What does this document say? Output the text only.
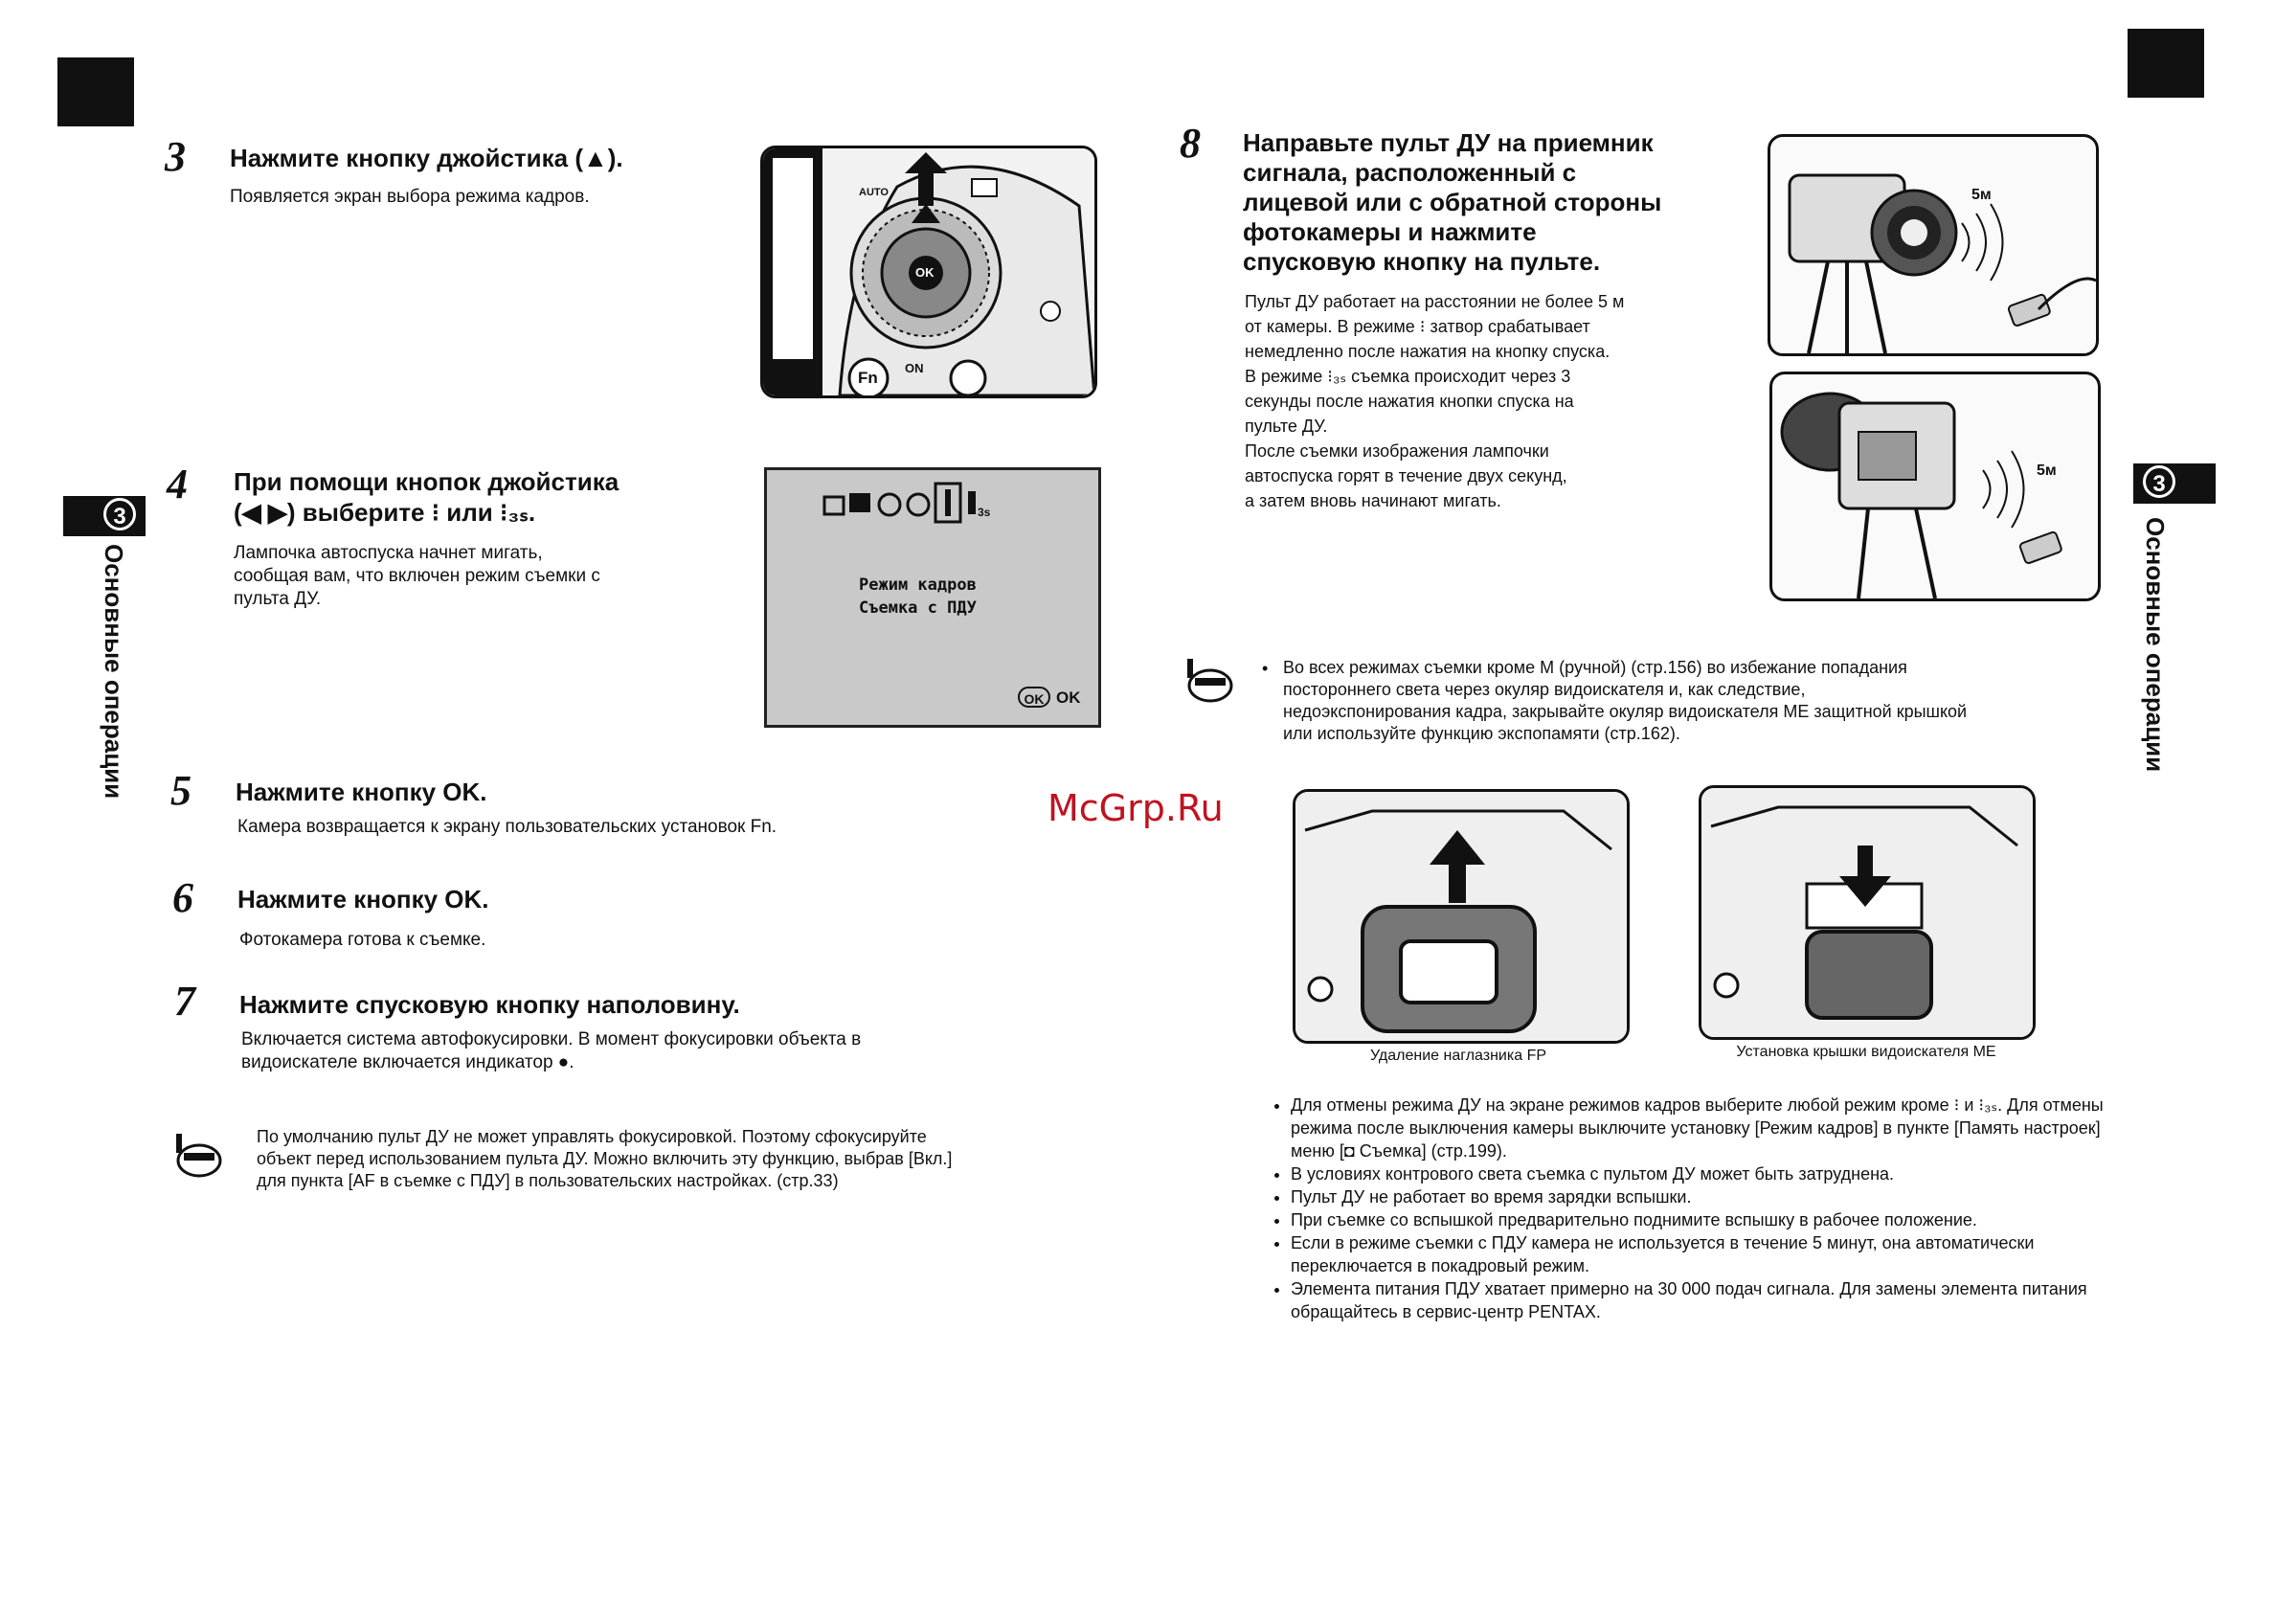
3
Основные операции
3
Основные операции
3 Нажмите кнопку джойстика (▲).
Появляется экран выбора режима кадров.
OK
Fn
ON
AUTO
4 При помощи кнопок джойстика
(◀ ▶) выберите ⁝ или ⁝₃ₛ.
Лампочка автоспуска начнет мигать,
сообщая вам, что включен режим съемки с
пульта ДУ.
3s
Режим кадров
Съемка с ПДУ
OK OK
5 Нажмите кнопку OK.
Камера возвращается к экрану пользовательских установок Fn.
6 Нажмите кнопку OK.
Фотокамера готова к съемке.
7 Нажмите спусковую кнопку наполовину.
Включается система автофокусировки. В момент фокусировки объекта в
видоискателе включается индикатор ●.
По умолчанию пульт ДУ не может управлять фокусировкой. Поэтому сфокусируйте
объект перед использованием пульта ДУ. Можно включить эту функцию, выбрав [Вкл.]
для пункта [AF в съемке с ПДУ] в пользовательских настройках. (стр.33)
McGrp.Ru
8 Направьте пульт ДУ на приемник
сигнала, расположенный с
лицевой или с обратной стороны
фотокамеры и нажмите
спусковую кнопку на пульте.
Пульт ДУ работает на расстоянии не более 5 м
от камеры. В режиме ⁝ затвор срабатывает
немедленно после нажатия на кнопку спуска.
В режиме ⁝₃ₛ съемка происходит через 3
секунды после нажатия кнопки спуска на
пульте ДУ.
После съемки изображения лампочки
автоспуска горят в течение двух секунд,
а затем вновь начинают мигать.
5м
5м
• Во всех режимах съемки кроме M (ручной) (стр.156) во избежание попадания
постороннего света через окуляр видоискателя и, как следствие,
недоэкспонирования кадра, закрывайте окуляр видоискателя ME защитной крышкой
или используйте функцию экспопамяти (стр.162).
Удаление наглазника FP	Установка крышки видоискателя ME
• Для отмены режима ДУ на экране режимов кадров выберите любой режим кроме ⁝ и ⁝₃ₛ. Для отмены режима после выключения камеры выключите установку [Режим кадров] в пункте [Память настроек] меню [◘ Съемка] (стр.199).
• В условиях контрового света съемка с пультом ДУ может быть затруднена.
• Пульт ДУ не работает во время зарядки вспышки.
• При съемке со вспышкой предварительно поднимите вспышку в рабочее положение.
• Если в режиме съемки с ПДУ камера не используется в течение 5 минут, она автоматически переключается в покадровый режим.
• Элемента питания ПДУ хватает примерно на 30 000 подач сигнала. Для замены элемента питания обращайтесь в сервис-центр PENTAX.
